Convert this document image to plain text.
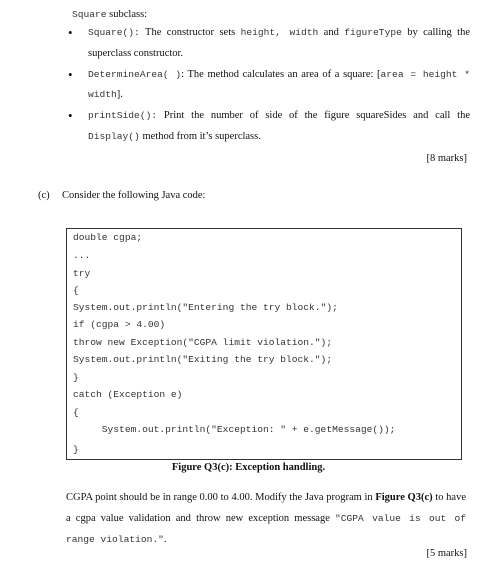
Square subclass:
• Square(): The constructor sets height, width and figureType by calling the superclass constructor.
• DetermineArea( ): The method calculates an area of a square: [area = height * width].
• printSide(): Print the number of side of the figure squareSides and call the Display() method from it’s superclass.
[8 marks]
(c) Consider the following Java code:
double cgpa;
...
try
{
System.out.println("Entering the try block.");
if (cgpa > 4.00)
throw new Exception("CGPA limit violation.");
System.out.println("Exiting the try block.");
}
catch (Exception e)
{
System.out.println("Exception: " + e.getMessage());
}
Figure Q3(c): Exception handling.
CGPA point should be in range 0.00 to 4.00. Modify the Java program in Figure Q3(c) to have a cgpa value validation and throw new exception message "CGPA value is out of range violation.".
[5 marks]
